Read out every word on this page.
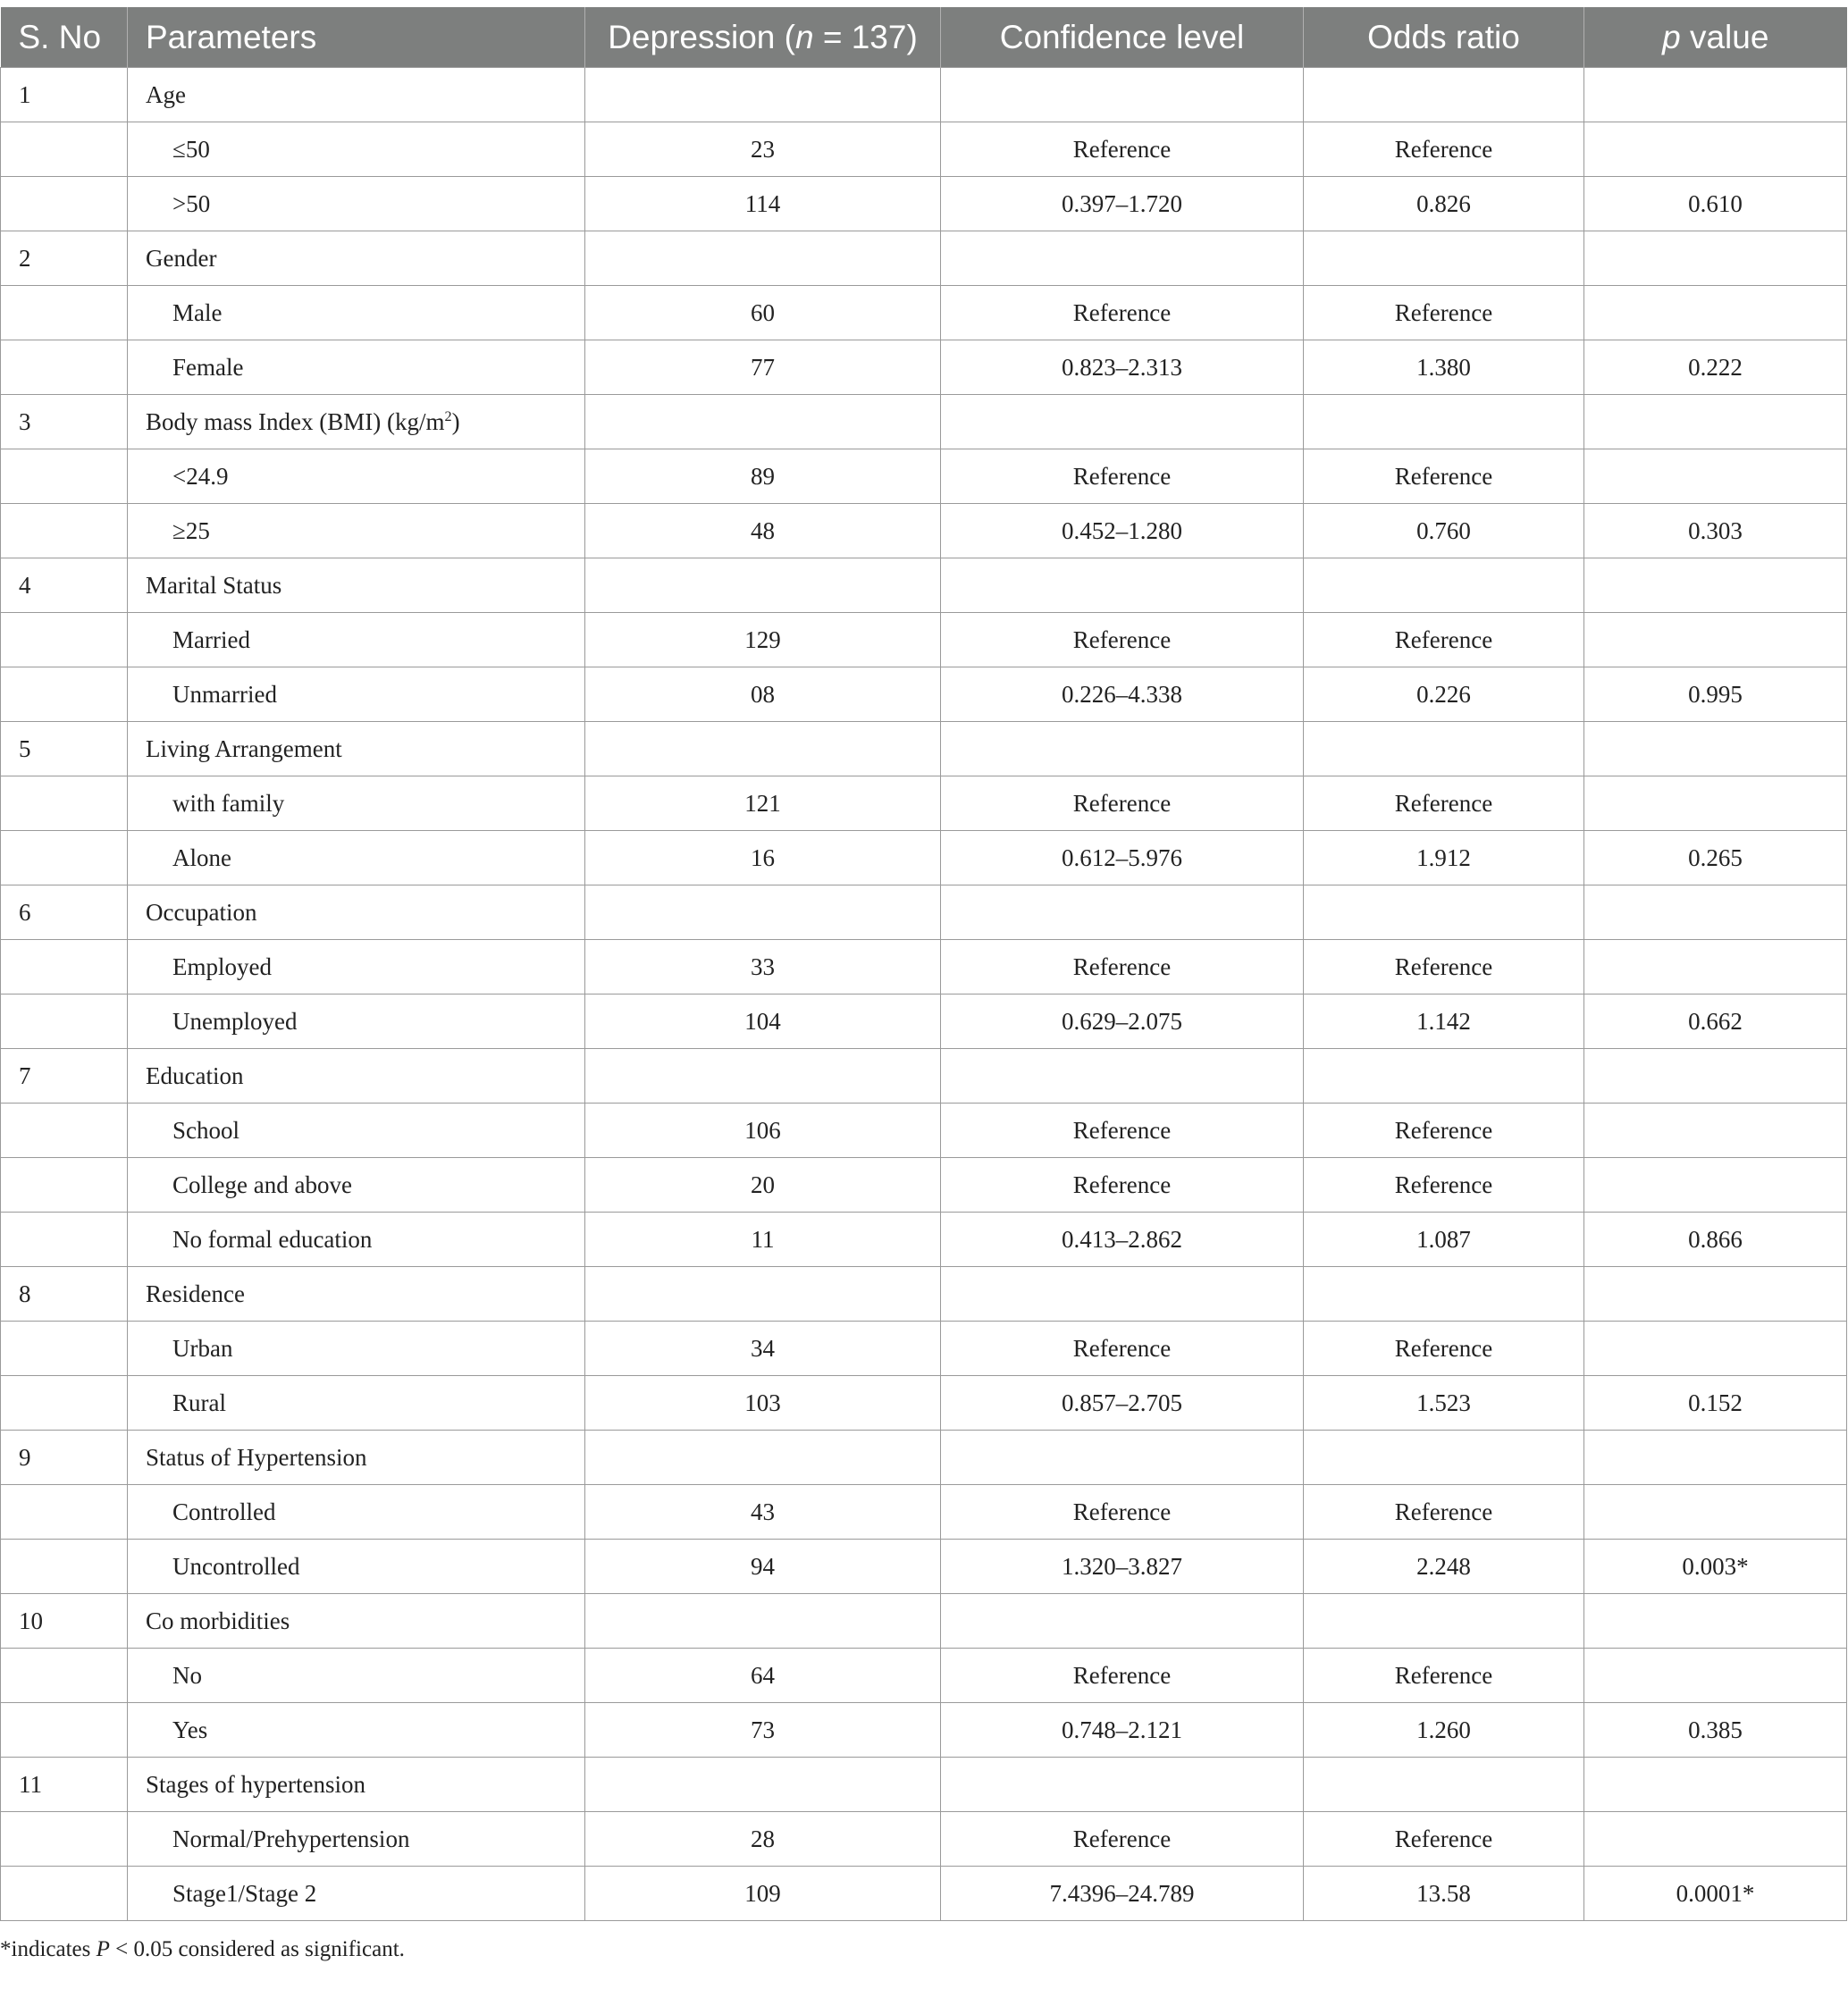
S. No	Parameters	Depression (n = 137)	Confidence level	Odds ratio	p value
1	Age				
	≤50	23	Reference	Reference	
	>50	114	0.397–1.720	0.826	0.610
2	Gender				
	Male	60	Reference	Reference	
	Female	77	0.823–2.313	1.380	0.222
3	Body mass Index (BMI) $(kg/m^2)$				
	<24.9	89	Reference	Reference	
	≥25	48	0.452–1.280	0.760	0.303
4	Marital Status				
	Married	129	Reference	Reference	
	Unmarried	08	0.226–4.338	0.226	0.995
5	Living Arrangement				
	with family	121	Reference	Reference	
	Alone	16	0.612–5.976	1.912	0.265
6	Occupation				
	Employed	33	Reference	Reference	
	Unemployed	104	0.629–2.075	1.142	0.662
7	Education				
	School	106	Reference	Reference	
	College and above	20	Reference	Reference	
	No formal education	11	0.413–2.862	1.087	0.866
8	Residence				
	Urban	34	Reference	Reference	
	Rural	103	0.857–2.705	1.523	0.152
9	Status of Hypertension				
	Controlled	43	Reference	Reference	
	Uncontrolled	94	1.320–3.827	2.248	0.003*
10	Co morbidities				
	No	64	Reference	Reference	
	Yes	73	0.748–2.121	1.260	0.385
11	Stages of hypertension				
	Normal/Prehypertension	28	Reference	Reference	
	Stage1/Stage 2	109	7.4396–24.789	13.58	0.0001*
*indicates P < 0.05 considered as significant.
